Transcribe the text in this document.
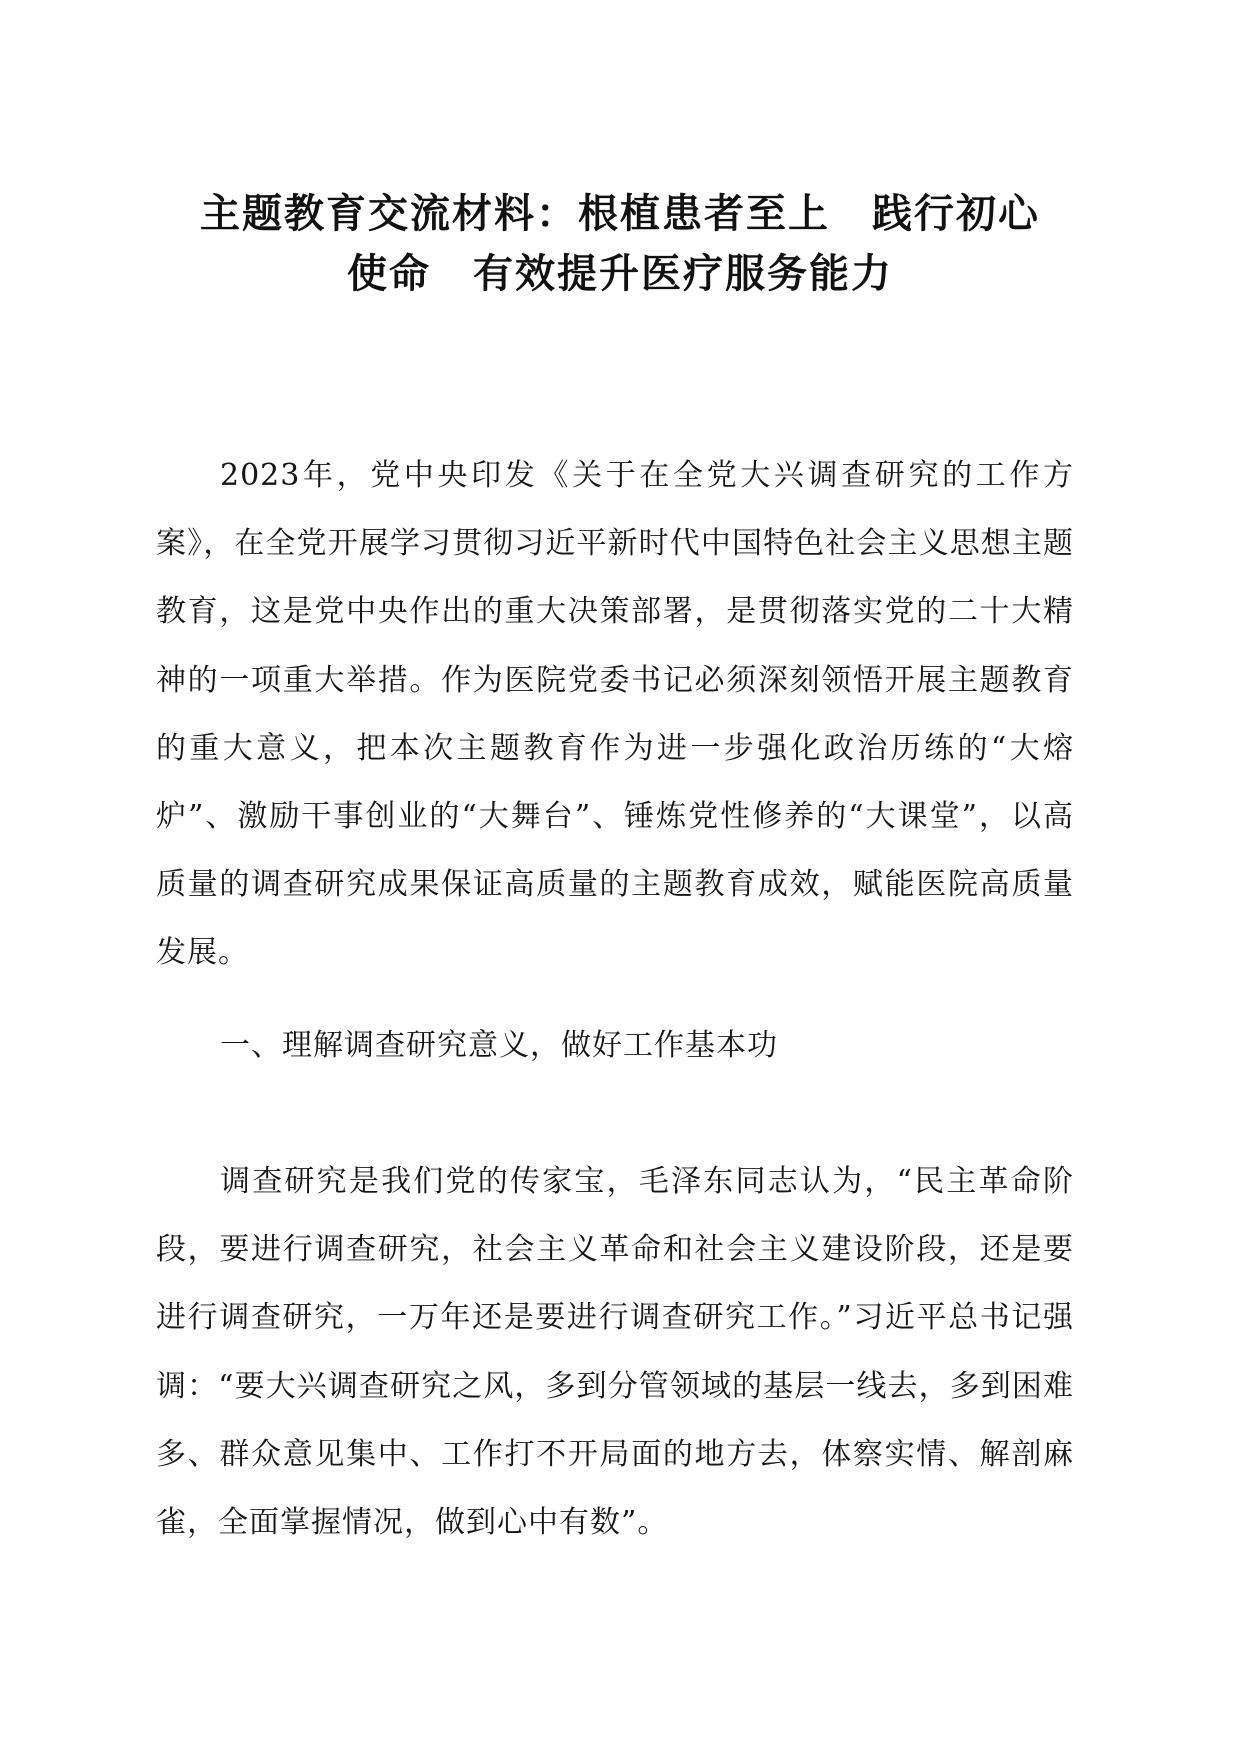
主题教育交流材料：根植患者至上　践行初心
使命　有效提升医疗服务能力

2023年，党中央印发《关于在全党大兴调查研究的工作方案》，在全党开展学习贯彻习近平新时代中国特色社会主义思想主题教育，这是党中央作出的重大决策部署，是贯彻落实党的二十大精神的一项重大举措。作为医院党委书记必须深刻领悟开展主题教育的重大意义，把本次主题教育作为进一步强化政治历练的“大熔炉”、激励干事创业的“大舞台”、锤炼党性修养的“大课堂”，以高质量的调查研究成果保证高质量的主题教育成效，赋能医院高质量发展。

一、理解调查研究意义，做好工作基本功

调查研究是我们党的传家宝，毛泽东同志认为，“民主革命阶段，要进行调查研究，社会主义革命和社会主义建设阶段，还是要进行调查研究，一万年还是要进行调查研究工作。”习近平总书记强调：“要大兴调查研究之风，多到分管领域的基层一线去，多到困难多、群众意见集中、工作打不开局面的地方去，体察实情、解剖麻雀，全面掌握情况，做到心中有数”。
